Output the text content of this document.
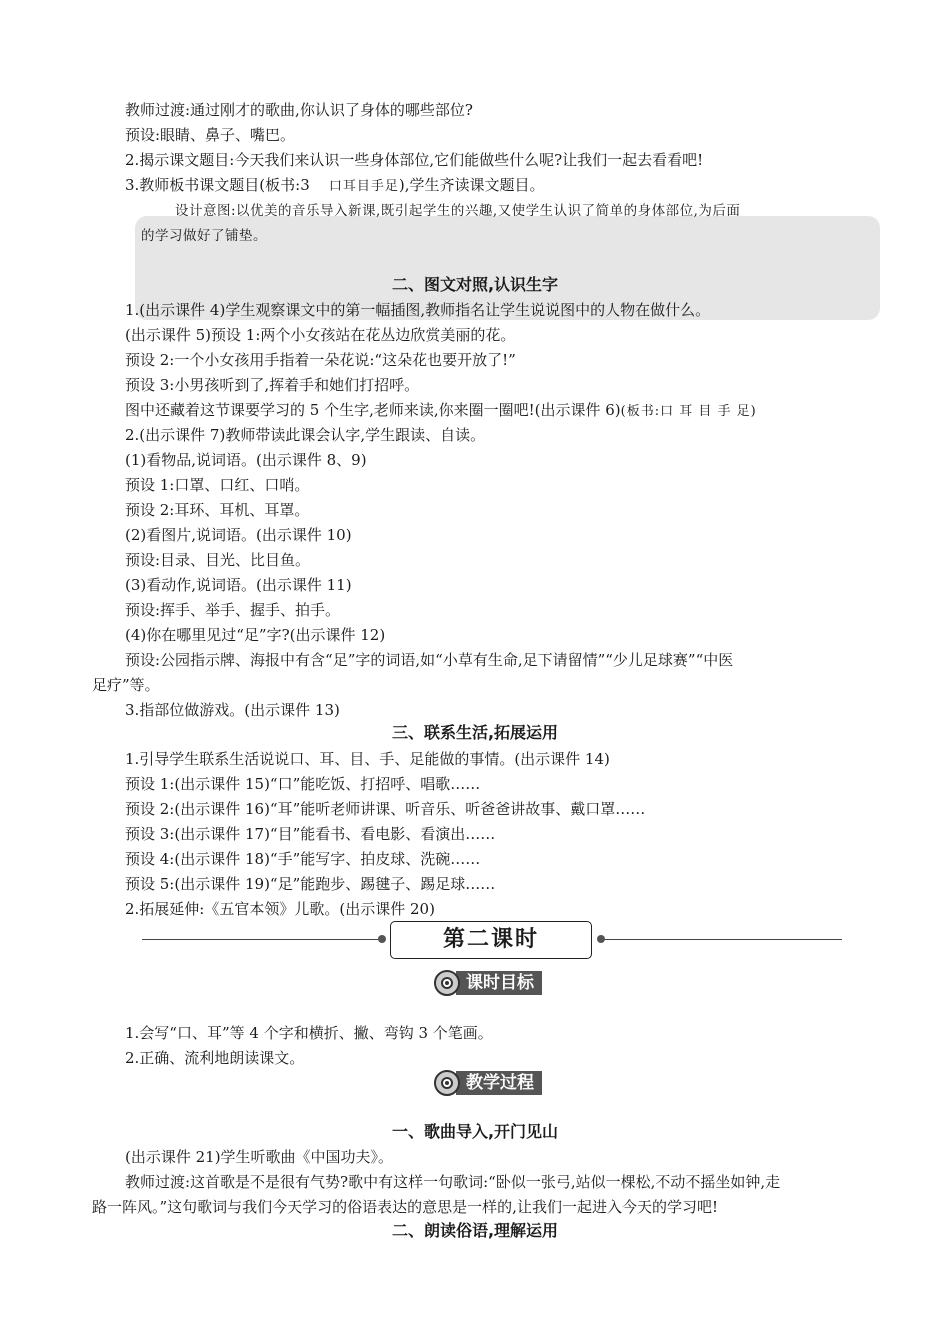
教师过渡:通过刚才的歌曲,你认识了身体的哪些部位?
预设:眼睛、鼻子、嘴巴。
2.揭示课文题目:今天我们来认识一些身体部位,它们能做些什么呢?让我们一起去看看吧!
3.教师板书课文题目(板书:3 口耳目手足),学生齐读课文题目。
设计意图:以优美的音乐导入新课,既引起学生的兴趣,又使学生认识了简单的身体部位,为后面
的学习做好了铺垫。
二、图文对照,认识生字
1.(出示课件 4)学生观察课文中的第一幅插图,教师指名让学生说说图中的人物在做什么。
(出示课件 5)预设 1:两个小女孩站在花丛边欣赏美丽的花。
预设 2:一个小女孩用手指着一朵花说:“这朵花也要开放了!”
预设 3:小男孩听到了,挥着手和她们打招呼。
图中还藏着这节课要学习的 5 个生字,老师来读,你来圈一圈吧!(出示课件 6)(板书:口 耳 目 手 足)
2.(出示课件 7)教师带读此课会认字,学生跟读、自读。
(1)看物品,说词语。(出示课件 8、9)
预设 1:口罩、口红、口哨。
预设 2:耳环、耳机、耳罩。
(2)看图片,说词语。(出示课件 10)
预设:目录、目光、比目鱼。
(3)看动作,说词语。(出示课件 11)
预设:挥手、举手、握手、拍手。
(4)你在哪里见过“足”字?(出示课件 12)
预设:公园指示牌、海报中有含“足”字的词语,如“小草有生命,足下请留情”“少儿足球赛”“中医
足疗”等。
3.指部位做游戏。(出示课件 13)
三、联系生活,拓展运用
1.引导学生联系生活说说口、耳、目、手、足能做的事情。(出示课件 14)
预设 1:(出示课件 15)“口”能吃饭、打招呼、唱歌……
预设 2:(出示课件 16)“耳”能听老师讲课、听音乐、听爸爸讲故事、戴口罩……
预设 3:(出示课件 17)“目”能看书、看电影、看演出……
预设 4:(出示课件 18)“手”能写字、拍皮球、洗碗……
预设 5:(出示课件 19)“足”能跑步、踢毽子、踢足球……
2.拓展延伸:《五官本领》儿歌。(出示课件 20)
第二课时
课时目标
1.会写“口、耳”等 4 个字和横折、撇、弯钩 3 个笔画。
2.正确、流利地朗读课文。
教学过程
一、歌曲导入,开门见山
(出示课件 21)学生听歌曲《中国功夫》。
教师过渡:这首歌是不是很有气势?歌中有这样一句歌词:“卧似一张弓,站似一棵松,不动不摇坐如钟,走
路一阵风。”这句歌词与我们今天学习的俗语表达的意思是一样的,让我们一起进入今天的学习吧!
二、朗读俗语,理解运用
